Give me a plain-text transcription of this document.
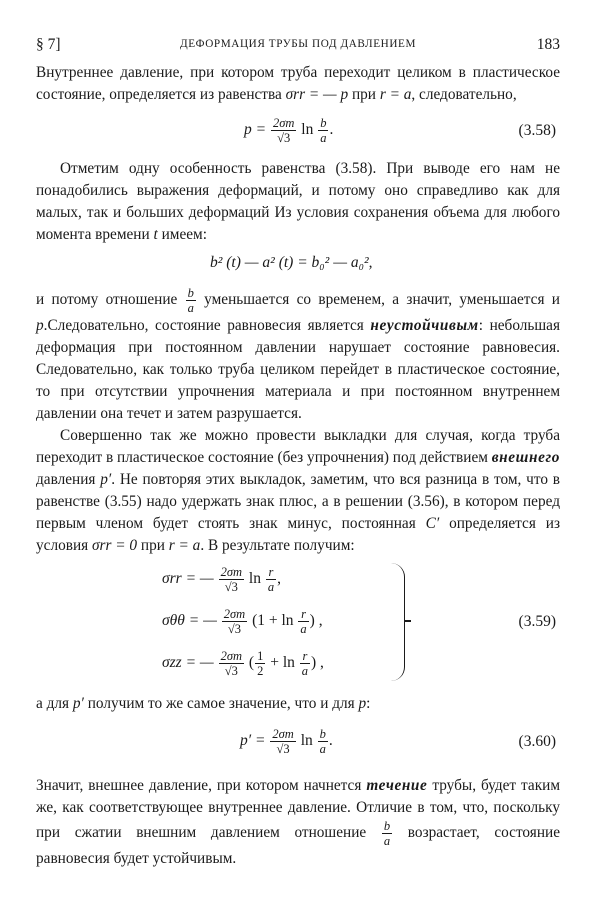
§ 7]	ДЕФОРМАЦИЯ ТРУБЫ ПОД ДАВЛЕНИЕМ	183

Внутреннее давление, при котором труба переходит целиком в пластическое состояние, определяется из равенства σrr = — p при r = a, следовательно,

$p = \frac{2\sigma т}{√3}$ $\ln \frac{b}{a}$ .	(3.58)

Отметим одну особенность равенства (3.58). При выводе его нам не понадобились выражения деформаций, и потому оно справедливо как для малых, так и больших деформаций Из условия сохранения объема для любого момента времени t имеем:

b² (t) — a² (t) = b₀² — a₀²,

и потому отношение $\frac{b}{a}$ уменьшается со временем, а значит, уменьшается и p.Следовательно, состояние равновесия является неустойчивым: небольшая деформация при постоянном давлении нарушает состояние равновесия. Следовательно, как только труба целиком перейдет в пластическое состояние, то при отсутствии упрочнения материала и при постоянном внутреннем давлении она течет и затем разрушается.

Совершенно так же можно провести выкладки для случая, когда труба переходит в пластическое состояние (без упрочнения) под действием внешнего давления p′. Не повторяя этих выкладок, заметим, что вся разница в том, что в равенстве (3.55) надо удержать знак плюс, а в решении (3.56), в котором перед первым членом будет стоять знак минус, постоянная C′ определяется из условия σrr = 0 при r = a. В результате получим:

σrr = — $\frac{2\sigma т}{√3}$ $\ln \frac{r}{a}$ ,
σθθ = — $\frac{2\sigma т}{√3} (1 + \ln \frac{r}{a}$ ) ,
σzz = — $\frac{2\sigma т}{√3}$ ( $\frac{1}{2} + \ln \frac{r}{a}$ ) ,
(3.59)

а для p′ получим то же самое значение, что и для p:

$p' = \frac{2\sigma т}{√3}$ $\ln \frac{b}{a}$ .	(3.60)

Значит, внешнее давление, при котором начнется течение трубы, будет таким же, как соответствующее внутреннее давление. Отличие в том, что, поскольку при сжатии внешним давлением отношение $\frac{b}{a}$ возрастает, состояние равновесия будет устойчивым.
